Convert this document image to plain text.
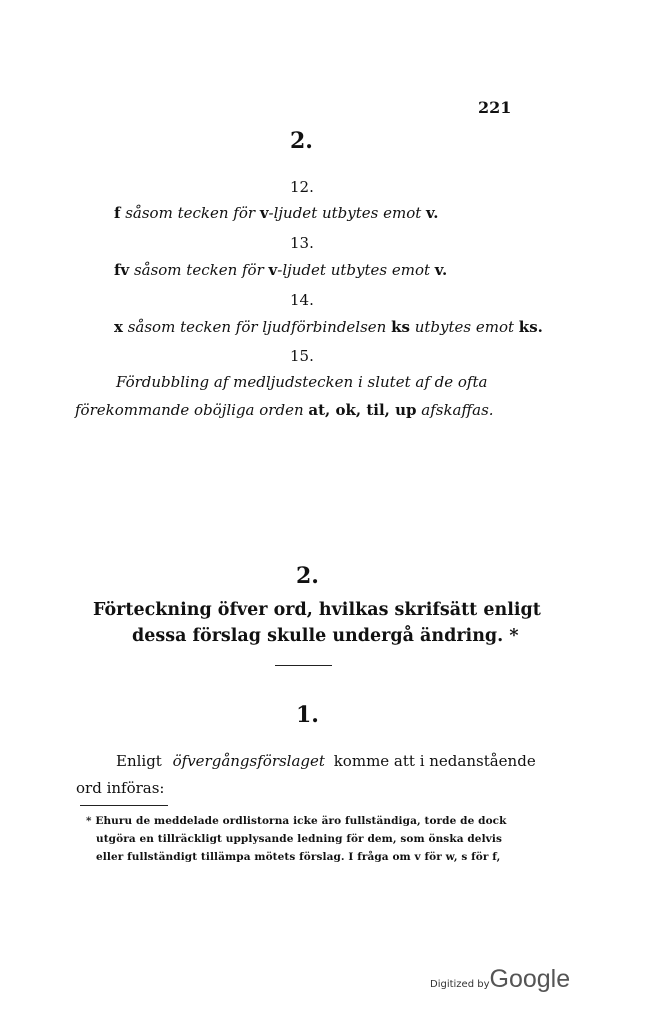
221
2.
12.
f såsom tecken för v-ljudet utbytes emot v.
13.
fv såsom tecken för v-ljudet utbytes emot v.
14.
x såsom tecken för ljudförbindelsen ks utbytes emot ks.
15.
Fördubbling af medljudstecken i slutet af de ofta
förekommande oböjliga orden at, ok, til, up afskaffas.
2.
Förteckning öfver ord, hvilkas skrifsätt enligt
dessa förslag skulle undergå ändring. *
1.
Enligt öfvergångsförslaget komme att i nedanstående
ord införas:
* Ehuru de meddelade ordlistorna icke äro fullständiga, torde de dock
utgöra en tillräckligt upplysande ledning för dem, som önska delvis
eller fullständigt tillämpa mötets förslag. I fråga om v för w, s för f,
Digitized byGoogle
